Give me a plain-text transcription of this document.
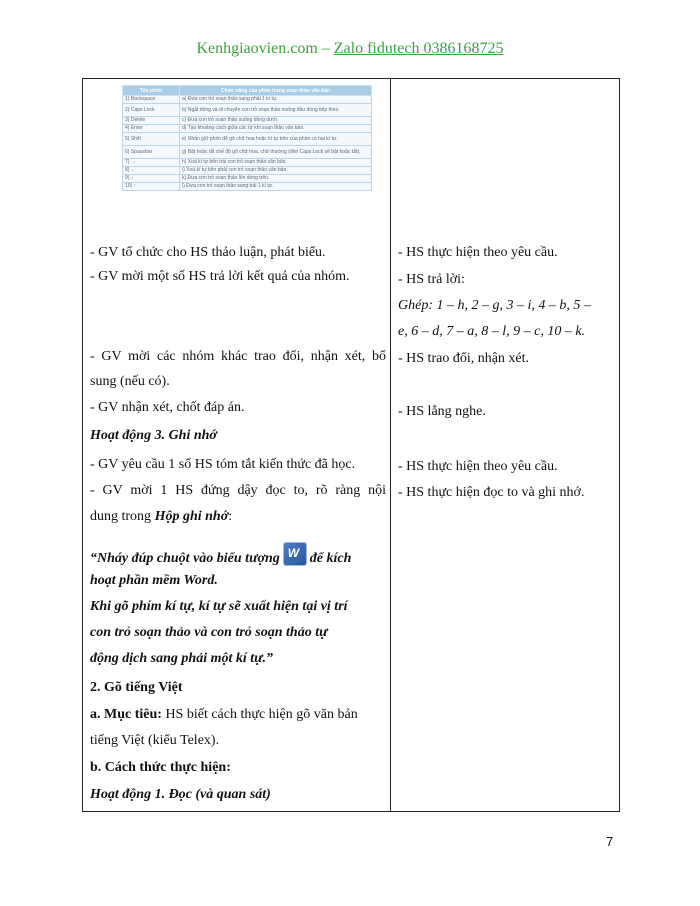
Kenhgiaovien.com – Zalo fidutech 0386168725
Tên phím	Chức năng của phím trong soạn thảo văn bản
1) Backspace	a) Đưa con trỏ soạn thảo sang phải 1 kí tự.
2) Caps Lock	b) Ngắt dòng và di chuyển con trỏ soạn thảo xuống đầu dòng tiếp theo.
3) Delete	c) Đưa con trỏ soạn thảo xuống dòng dưới.
4) Enter	d) Tạo khoảng cách giữa các từ khi soạn thảo văn bản.
5) Shift	e) Nhấn giữ phím để gõ chữ hoa hoặc kí tự trên của phím có hai kí tự.
6) Spacebar	g) Bật hoặc tắt chế độ gõ chữ hoa, chữ thường (đèn Caps Lock sẽ bật hoặc tắt).
7) →	h) Xoá kí tự bên trái con trỏ soạn thảo văn bản.
8) ←	i) Xoá kí tự bên phải con trỏ soạn thảo văn bản.
9) ↓	k) Đưa con trỏ soạn thảo lên dòng trên.
10) ↑	l) Đưa con trỏ soạn thảo sang trái 1 kí tự.
- GV tổ chức cho HS thảo luận, phát biểu.
- GV mời một số HS trả lời kết quả của nhóm.
- GV mời các nhóm khác trao đổi, nhận xét, bổ
sung (nếu có).
- GV nhận xét, chốt đáp án.
Hoạt động 3. Ghi nhớ
- GV yêu cầu 1 số HS tóm tắt kiến thức đã học.
- GV mời 1 HS đứng dậy đọc to, rõ ràng nội
dung trong Hộp ghi nhớ:
“Nháy đúp chuột vào biểu tượng W để kích
hoạt phần mềm Word.
Khi gõ phím kí tự, kí tự sẽ xuất hiện tại vị trí
con trỏ soạn thảo và con trỏ soạn thảo tự
động dịch sang phải một kí tự.”
2. Gõ tiếng Việt
a. Mục tiêu: HS biết cách thực hiện gõ văn bản
tiếng Việt (kiểu Telex).
b. Cách thức thực hiện:
Hoạt động 1. Đọc (và quan sát)
- HS thực hiện theo yêu cầu.
- HS trả lời:
Ghép: 1 – h, 2 – g, 3 – i, 4 – b, 5 –
e, 6 – d, 7 – a, 8 – l, 9 – c, 10 – k.
- HS trao đổi, nhận xét.
- HS lắng nghe.
- HS thực hiện theo yêu cầu.
- HS thực hiện đọc to và ghi nhớ.
7
